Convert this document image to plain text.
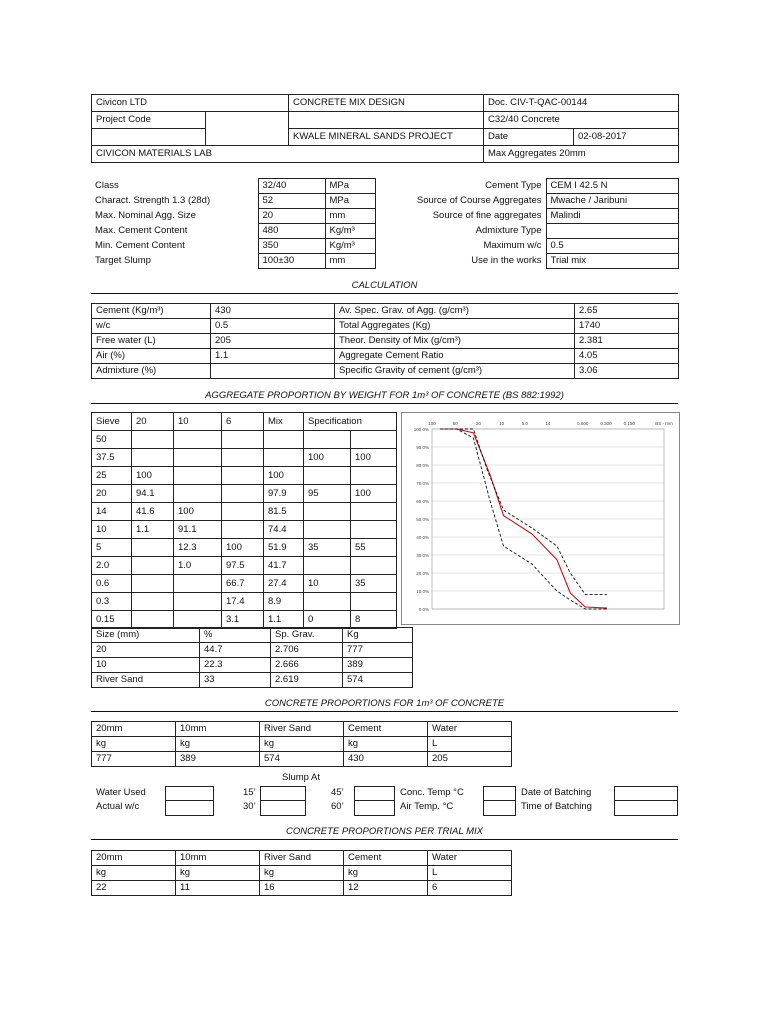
Civicon LTD		CONCRETE MIX DESIGN	Doc. CIV-T-QAC-00144	
Project Code			C32/40 Concrete	
		KWALE MINERAL SANDS PROJECT	Date	02-08-2017
CIVICON MATERIALS LAB			Max Aggregates 20mm	
Class	32/40	MPa
Charact. Strength 1.3 (28d)	52	MPa
Max. Nominal Agg. Size	20	mm
Max. Cement Content	480	Kg/m³
Min. Cement Content	350	Kg/m³
Target Slump	100±30	mm
Cement Type	CEM I 42.5 N
Source of Course Aggregates	Mwache / Jaribuni
Source of fine aggregates	Malindi
Admixture Type	
Maximum w/c	0.5
Use in the works	Trial mix
CALCULATION
Cement (Kg/m³)	430	Av. Spec. Grav. of Agg. (g/cm³)	2.65
w/c	0.5	Total Aggregates (Kg)	1740
Free water (L)	205	Theor. Density of Mix (g/cm³)	2.381
Air (%)	1.1	Aggregate Cement Ratio	4.05
Admixture (%)		Specific Gravity of cement (g/cm³)	3.06
AGGREGATE PROPORTION BY WEIGHT FOR 1m³ OF CONCRETE (BS 882:1992)
Sieve	20	10	6	Mix	Specification	
50						
37.5					100	100
25	100			100		
20	94.1			97.9	95	100
14	41.6	100		81.5		
10	1.1	91.1		74.4		
5		12.3	100	51.9	35	55
2.0		1.0	97.5	41.7		
0.6			66.7	27.4	10	35
0.3			17.4	8.9		
0.15			3.1	1.1	0	8
100.0%
90.0%
80.0%
70.0%
60.0%
50.0%
40.0%
30.0%
20.0%
10.0%
0.0%
100	50	20	10	5.0	14	0.600	0.300	0.150	BS - mm
Size (mm)	%	Sp. Grav.	Kg
20	44.7	2.706	777
10	22.3	2.666	389
River Sand	33	2.619	574
CONCRETE PROPORTIONS FOR 1m³ OF CONCRETE
20mm	10mm	River Sand	Cement	Water
kg	kg	kg	kg	L
777	389	574	430	205
Slump At
Water Used
Actual w/c
15’
30’
45’
60’
Conc. Temp °C
Air Temp. °C
Date of Batching
Time of Batching
CONCRETE PROPORTIONS PER TRIAL MIX
20mm	10mm	River Sand	Cement	Water
kg	kg	kg	kg	L
22	11	16	12	6
